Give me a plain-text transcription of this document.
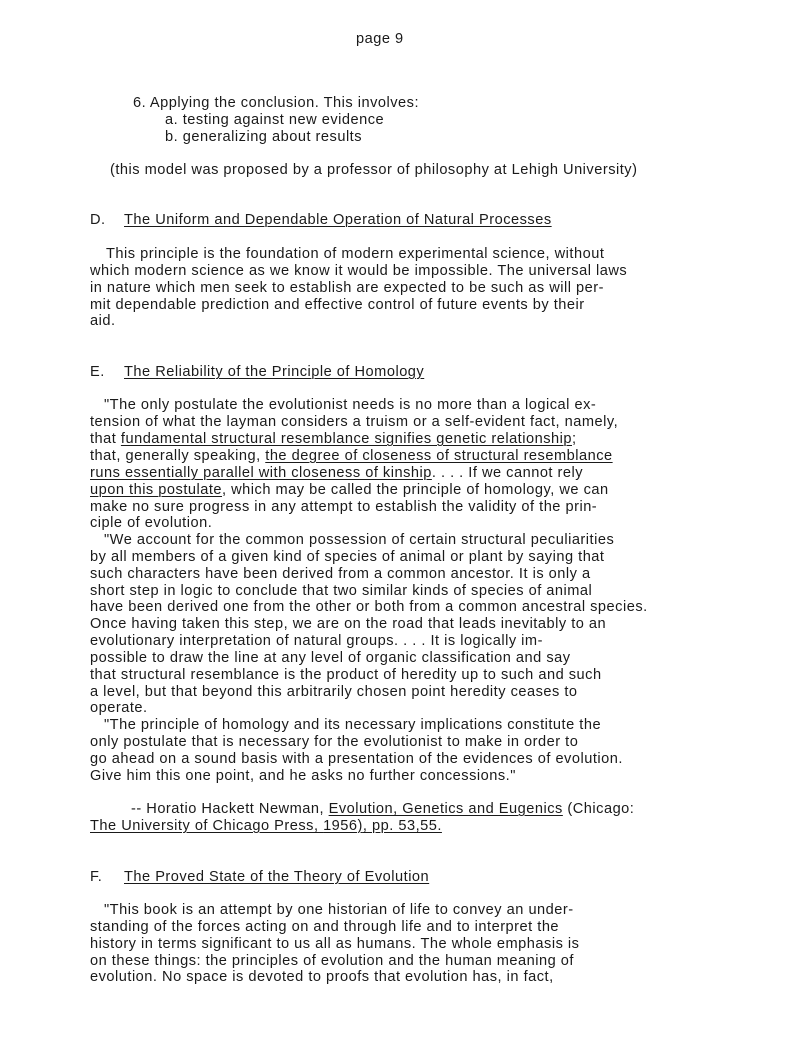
page 9
6. Applying the conclusion. This involves:
a. testing against new evidence
b. generalizing about results
(this model was proposed by a professor of philosophy at Lehigh University)
D. The Uniform and Dependable Operation of Natural Processes
This principle is the foundation of modern experimental science, without
which modern science as we know it would be impossible. The universal laws
in nature which men seek to establish are expected to be such as will per-
mit dependable prediction and effective control of future events by their
aid.
E. The Reliability of the Principle of Homology
"The only postulate the evolutionist needs is no more than a logical ex-
tension of what the layman considers a truism or a self-evident fact, namely,
that fundamental structural resemblance signifies genetic relationship;
that, generally speaking, the degree of closeness of structural resemblance
runs essentially parallel with closeness of kinship. . . . If we cannot rely
upon this postulate, which may be called the principle of homology, we can
make no sure progress in any attempt to establish the validity of the prin-
ciple of evolution.
"We account for the common possession of certain structural peculiarities
by all members of a given kind of species of animal or plant by saying that
such characters have been derived from a common ancestor. It is only a
short step in logic to conclude that two similar kinds of species of animal
have been derived one from the other or both from a common ancestral species.
Once having taken this step, we are on the road that leads inevitably to an
evolutionary interpretation of natural groups. . . . It is logically im-
possible to draw the line at any level of organic classification and say
that structural resemblance is the product of heredity up to such and such
a level, but that beyond this arbitrarily chosen point heredity ceases to
operate.
"The principle of homology and its necessary implications constitute the
only postulate that is necessary for the evolutionist to make in order to
go ahead on a sound basis with a presentation of the evidences of evolution.
Give him this one point, and he asks no further concessions."
-- Horatio Hackett Newman, Evolution, Genetics and Eugenics (Chicago:
The University of Chicago Press, 1956), pp. 53,55.
F. The Proved State of the Theory of Evolution
"This book is an attempt by one historian of life to convey an under-
standing of the forces acting on and through life and to interpret the
history in terms significant to us all as humans. The whole emphasis is
on these things: the principles of evolution and the human meaning of
evolution. No space is devoted to proofs that evolution has, in fact,
